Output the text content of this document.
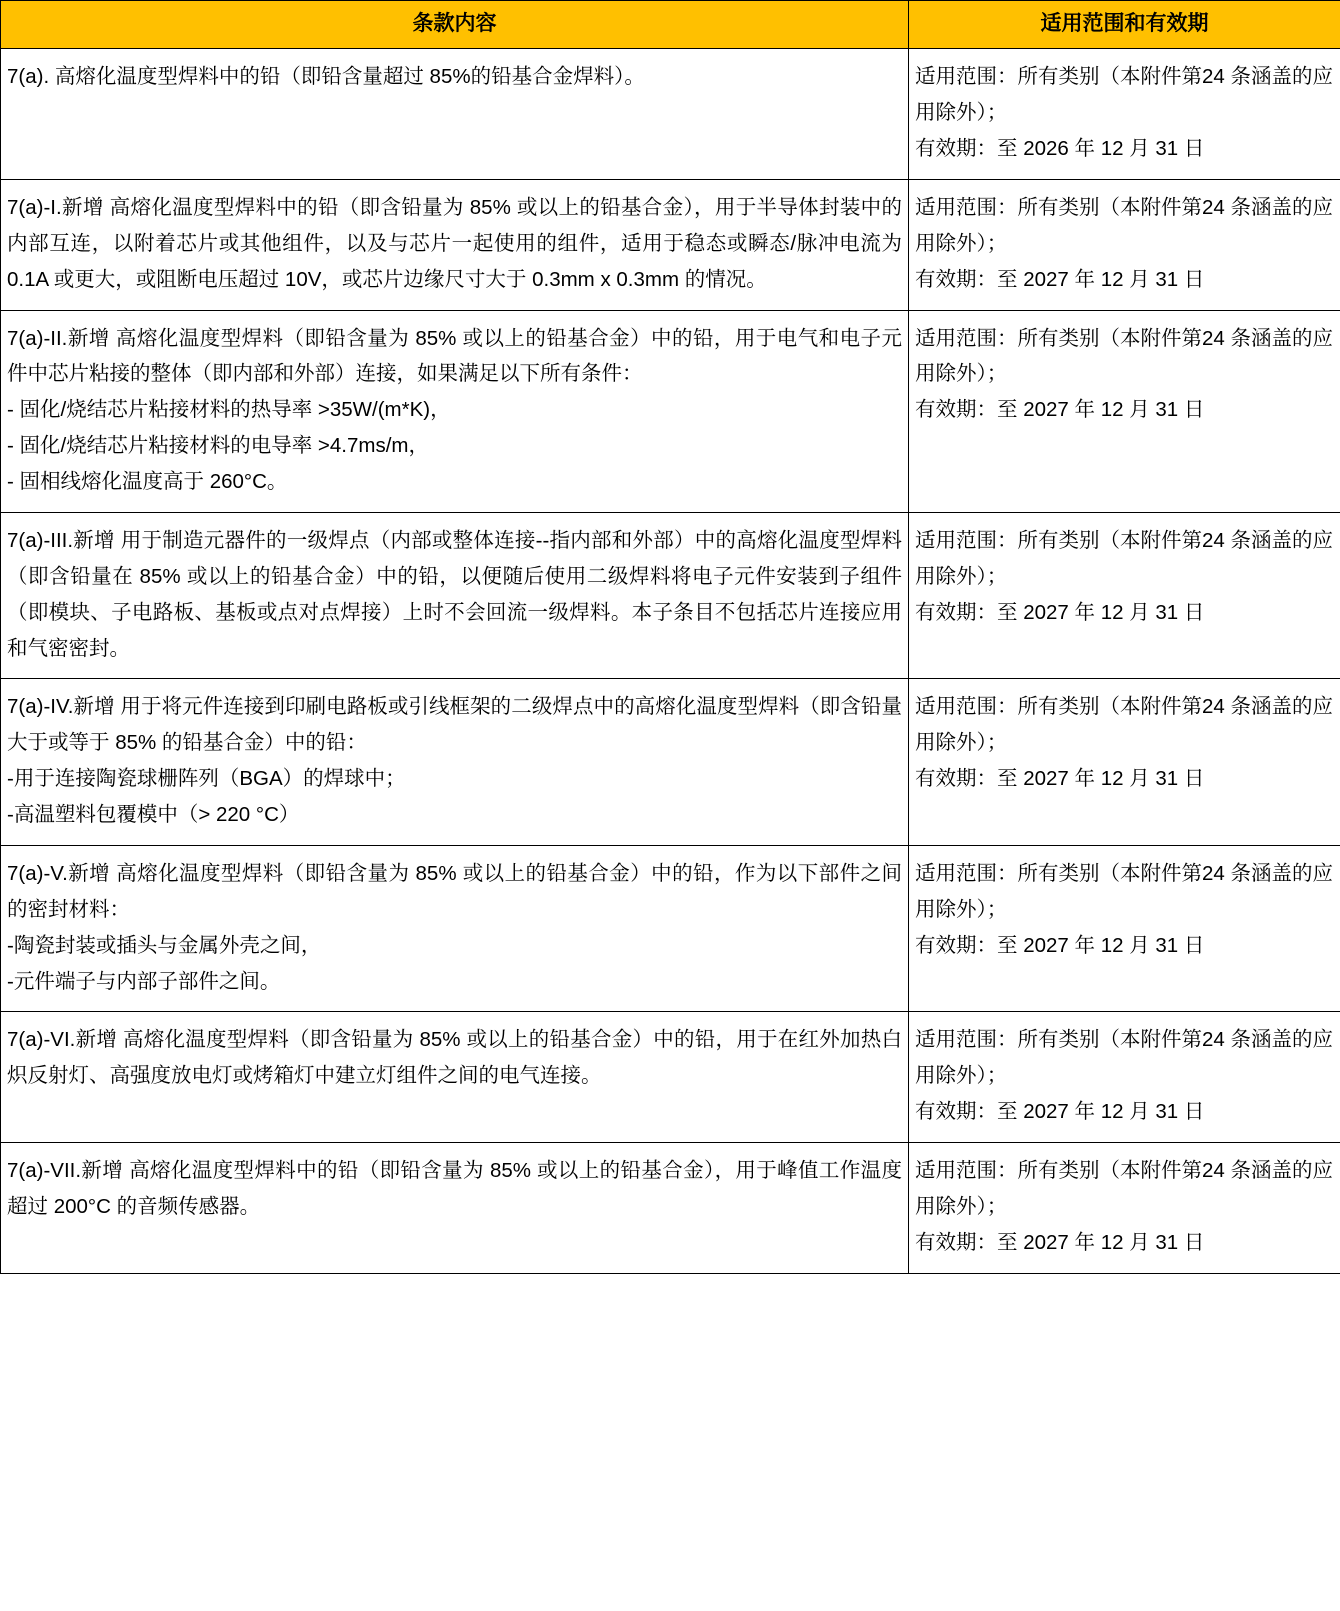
条款内容	适用范围和有效期

7(a). 高熔化温度型焊料中的铅（即铅含量超过 85%的铅基合金焊料）。	适用范围：所有类别（本附件第24 条涵盖的应用除外）；
有效期：至 2026 年 12 月 31 日

7(a)-I.新增 高熔化温度型焊料中的铅（即含铅量为 85% 或以上的铅基合金），用于半导体封装中的内部互连，以附着芯片或其他组件，以及与芯片一起使用的组件，适用于稳态或瞬态/脉冲电流为 0.1A 或更大，或阻断电压超过 10V，或芯片边缘尺寸大于 0.3mm x 0.3mm 的情况。	适用范围：所有类别（本附件第24 条涵盖的应用除外）；
有效期：至 2027 年 12 月 31 日

7(a)-II.新增 高熔化温度型焊料（即铅含量为 85% 或以上的铅基合金）中的铅，用于电气和电子元件中芯片粘接的整体（即内部和外部）连接，如果满足以下所有条件：
- 固化/烧结芯片粘接材料的热导率 >35W/(m*K)，
- 固化/烧结芯片粘接材料的电导率 >4.7ms/m，
- 固相线熔化温度高于 260°C。	适用范围：所有类别（本附件第24 条涵盖的应用除外）；
有效期：至 2027 年 12 月 31 日

7(a)-III.新增 用于制造元器件的一级焊点（内部或整体连接--指内部和外部）中的高熔化温度型焊料（即含铅量在 85% 或以上的铅基合金）中的铅，以便随后使用二级焊料将电子元件安装到子组件（即模块、子电路板、基板或点对点焊接）上时不会回流一级焊料。本子条目不包括芯片连接应用和气密密封。	适用范围：所有类别（本附件第24 条涵盖的应用除外）；
有效期：至 2027 年 12 月 31 日

7(a)-IV.新增 用于将元件连接到印刷电路板或引线框架的二级焊点中的高熔化温度型焊料（即含铅量大于或等于 85% 的铅基合金）中的铅：
-用于连接陶瓷球栅阵列（BGA）的焊球中；
-高温塑料包覆模中（> 220 °C）	适用范围：所有类别（本附件第24 条涵盖的应用除外）；
有效期：至 2027 年 12 月 31 日

7(a)-V.新增 高熔化温度型焊料（即铅含量为 85% 或以上的铅基合金）中的铅，作为以下部件之间的密封材料：
-陶瓷封装或插头与金属外壳之间，
-元件端子与内部子部件之间。	适用范围：所有类别（本附件第24 条涵盖的应用除外）；
有效期：至 2027 年 12 月 31 日

7(a)-VI.新增 高熔化温度型焊料（即含铅量为 85% 或以上的铅基合金）中的铅，用于在红外加热白炽反射灯、高强度放电灯或烤箱灯中建立灯组件之间的电气连接。	适用范围：所有类别（本附件第24 条涵盖的应用除外）；
有效期：至 2027 年 12 月 31 日

7(a)-VII.新增 高熔化温度型焊料中的铅（即铅含量为 85% 或以上的铅基合金），用于峰值工作温度超过 200°C 的音频传感器。	适用范围：所有类别（本附件第24 条涵盖的应用除外）；
有效期：至 2027 年 12 月 31 日
